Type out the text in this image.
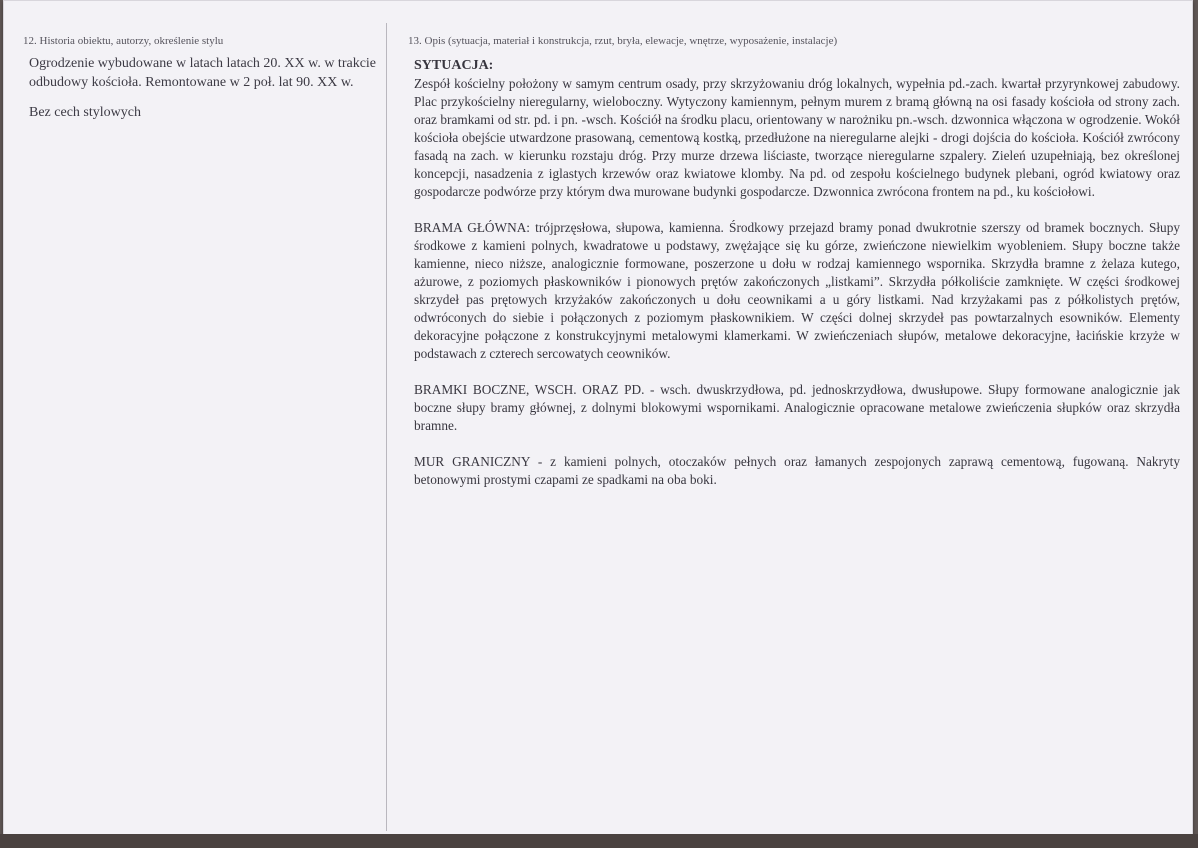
12. Historia obiektu, autorzy, określenie stylu

Ogrodzenie wybudowane w latach latach 20. XX w. w trakcie odbudowy kościoła. Remontowane w 2 poł. lat 90. XX w.

Bez cech stylowych

13. Opis (sytuacja, materiał i konstrukcja, rzut, bryła, elewacje, wnętrze, wyposażenie, instalacje)
SYTUACJA:

Zespół kościelny położony w samym centrum osady, przy skrzyżowaniu dróg lokalnych, wypełnia pd.-zach. kwartał przyrynkowej zabudowy. Plac przykościelny nieregularny, wieloboczny. Wytyczony kamiennym, pełnym murem z bramą główną na osi fasady kościoła od strony zach. oraz bramkami od str. pd. i pn. -wsch. Kościół na środku placu, orientowany w narożniku pn.-wsch. dzwonnica włączona w ogrodzenie. Wokół kościoła obejście utwardzone prasowaną, cementową kostką, przedłużone na nieregularne alejki - drogi dojścia do kościoła. Kościół zwrócony fasadą na zach. w kierunku rozstaju dróg. Przy murze drzewa liściaste, tworzące nieregularne szpalery. Zieleń uzupełniają, bez określonej koncepcji, nasadzenia z iglastych krzewów oraz kwiatowe klomby. Na pd. od zespołu kościelnego budynek plebani, ogród kwiatowy oraz gospodarcze podwórze przy którym dwa murowane budynki gospodarcze. Dzwonnica zwrócona frontem na pd., ku kościołowi.

BRAMA GŁÓWNA: trójprzęsłowa, słupowa, kamienna. Środkowy przejazd bramy ponad dwukrotnie szerszy od bramek bocznych. Słupy środkowe z kamieni polnych, kwadratowe u podstawy, zwężające się ku górze, zwieńczone niewielkim wyobleniem. Słupy boczne także kamienne, nieco niższe, analogicznie formowane, poszerzone u dołu w rodzaj kamiennego wspornika. Skrzydła bramne z żelaza kutego, ażurowe, z poziomych płaskowników i pionowych prętów zakończonych „listkami”. Skrzydła półkoliście zamknięte. W części środkowej skrzydeł pas prętowych krzyżaków zakończonych u dołu ceownikami a u góry listkami. Nad krzyżakami pas z półkolistych prętów, odwróconych do siebie i połączonych z poziomym płaskownikiem. W części dolnej skrzydeł pas powtarzalnych esowników. Elementy dekoracyjne połączone z konstrukcyjnymi metalowymi klamerkami. W zwieńczeniach słupów, metalowe dekoracyjne, łacińskie krzyże w podstawach z czterech sercowatych ceowników.

BRAMKI BOCZNE, WSCH. ORAZ PD. - wsch. dwuskrzydłowa, pd. jednoskrzydłowa, dwusłupowe. Słupy formowane analogicznie jak boczne słupy bramy głównej, z dolnymi blokowymi wspornikami. Analogicznie opracowane metalowe zwieńczenia słupków oraz skrzydła bramne.

MUR GRANICZNY - z kamieni polnych, otoczaków pełnych oraz łamanych zespojonych zaprawą cementową, fugowaną. Nakryty betonowymi prostymi czapami ze spadkami na oba boki.
